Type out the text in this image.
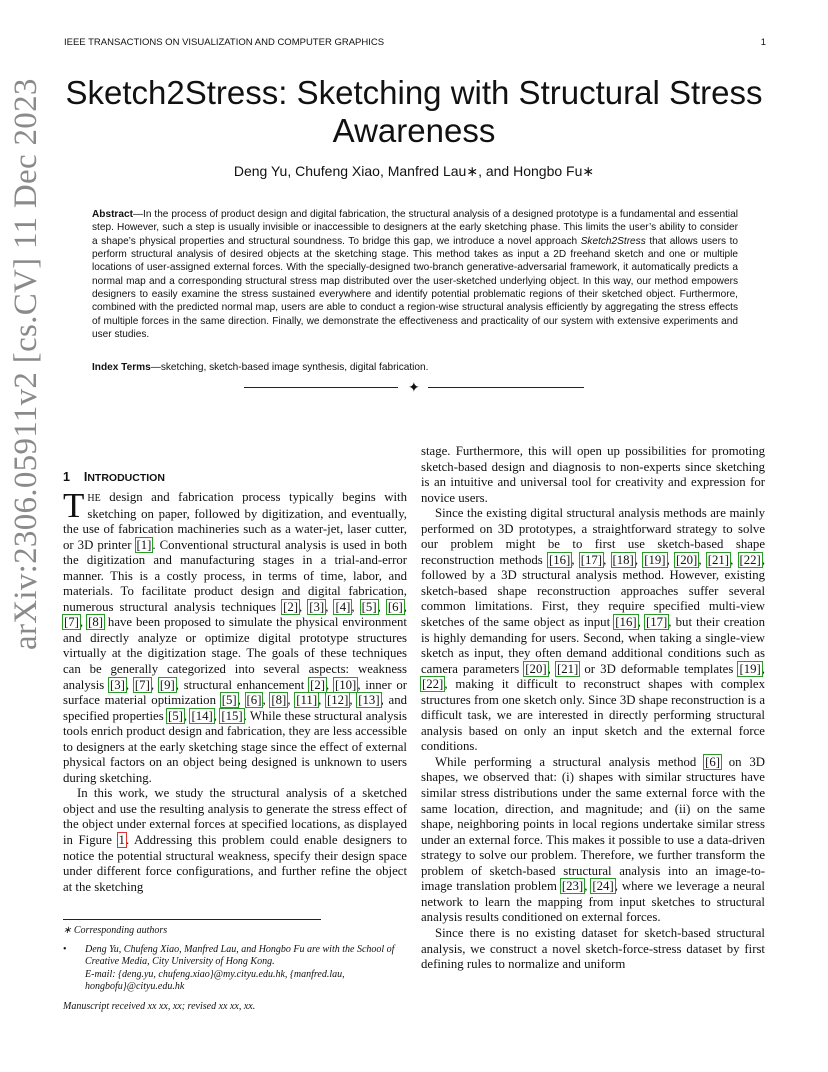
IEEE TRANSACTIONS ON VISUALIZATION AND COMPUTER GRAPHICS	1
arXiv:2306.05911v2 [cs.CV] 11 Dec 2023 Sketch2Stress: Sketching with Structural Stress Awareness
Deng Yu, Chufeng Xiao, Manfred Lau∗, and Hongbo Fu∗
Abstract—In the process of product design and digital fabrication, the structural analysis of a designed prototype is a fundamental and essential step. However, such a step is usually invisible or inaccessible to designers at the early sketching phase. This limits the user’s ability to consider a shape’s physical properties and structural soundness. To bridge this gap, we introduce a novel approach Sketch2Stress that allows users to perform structural analysis of desired objects at the sketching stage. This method takes as input a 2D freehand sketch and one or multiple locations of user-assigned external forces. With the specially-designed two-branch generative-adversarial framework, it automatically predicts a normal map and a corresponding structural stress map distributed over the user-sketched underlying object. In this way, our method empowers designers to easily examine the stress sustained everywhere and identify potential problematic regions of their sketched object. Furthermore, combined with the predicted normal map, users are able to conduct a region-wise structural analysis efficiently by aggregating the stress effects of multiple forces in the same direction. Finally, we demonstrate the effectiveness and practicality of our system with extensive experiments and user studies.
Index Terms—sketching, sketch-based image synthesis, digital fabrication.
✦
1 INTRODUCTION

THE design and fabrication process typically begins with sketching on paper, followed by digitization, and eventually, the use of fabrication machineries such as a water-jet, laser cutter, or 3D printer [1]. Conventional structural analysis is used in both the digitization and manufacturing stages in a trial-and-error manner. This is a costly process, in terms of time, labor, and materials. To facilitate product design and digital fabrication, numerous structural analysis techniques [2], [3], [4], [5], [6], [7], [8] have been proposed to simulate the physical environment and directly analyze or optimize digital prototype structures virtually at the digitization stage. The goals of these techniques can be generally categorized into several aspects: weakness analysis [3], [7], [9], structural enhancement [2], [10], inner or surface material optimization [5], [6], [8], [11], [12], [13], and specified properties [5], [14], [15]. While these structural analysis tools enrich product design and fabrication, they are less accessible to designers at the early sketching stage since the effect of external physical factors on an object being designed is unknown to users during sketching.

In this work, we study the structural analysis of a sketched object and use the resulting analysis to generate the stress effect of the object under external forces at specified locations, as displayed in Figure 1. Addressing this problem could enable designers to notice the potential structural weakness, specify their design space under different force configurations, and further refine the object at the sketching

∗ Corresponding authors

• Deng Yu, Chufeng Xiao, Manfred Lau, and Hongbo Fu are with the School of Creative Media, City University of Hong Kong.
E-mail: {deng.yu, chufeng.xiao}@my.cityu.edu.hk, {manfred.lau, hongbofu}@cityu.edu.hk

Manuscript received xx xx, xx; revised xx xx, xx.

stage. Furthermore, this will open up possibilities for promoting sketch-based design and diagnosis to non-experts since sketching is an intuitive and universal tool for creativity and expression for novice users.

Since the existing digital structural analysis methods are mainly performed on 3D prototypes, a straightforward strategy to solve our problem might be to first use sketch-based shape reconstruction methods [16], [17], [18], [19], [20], [21], [22], followed by a 3D structural analysis method. However, existing sketch-based shape reconstruction approaches suffer several common limitations. First, they require specified multi-view sketches of the same object as input [16], [17], but their creation is highly demanding for users. Second, when taking a single-view sketch as input, they often demand additional conditions such as camera parameters [20], [21] or 3D deformable templates [19], [22], making it difficult to reconstruct shapes with complex structures from one sketch only. Since 3D shape reconstruction is a difficult task, we are interested in directly performing structural analysis based on only an input sketch and the external force conditions.

While performing a structural analysis method [6] on 3D shapes, we observed that: (i) shapes with similar structures have similar stress distributions under the same external force with the same location, direction, and magnitude; and (ii) on the same shape, neighboring points in local regions undertake similar stress under an external force. This makes it possible to use a data-driven strategy to solve our problem. Therefore, we further transform the problem of sketch-based structural analysis into an image-to-image translation problem [23], [24], where we leverage a neural network to learn the mapping from input sketches to structural analysis results conditioned on external forces.

Since there is no existing dataset for sketch-based structural analysis, we construct a novel sketch-force-stress dataset by first defining rules to normalize and uniform
